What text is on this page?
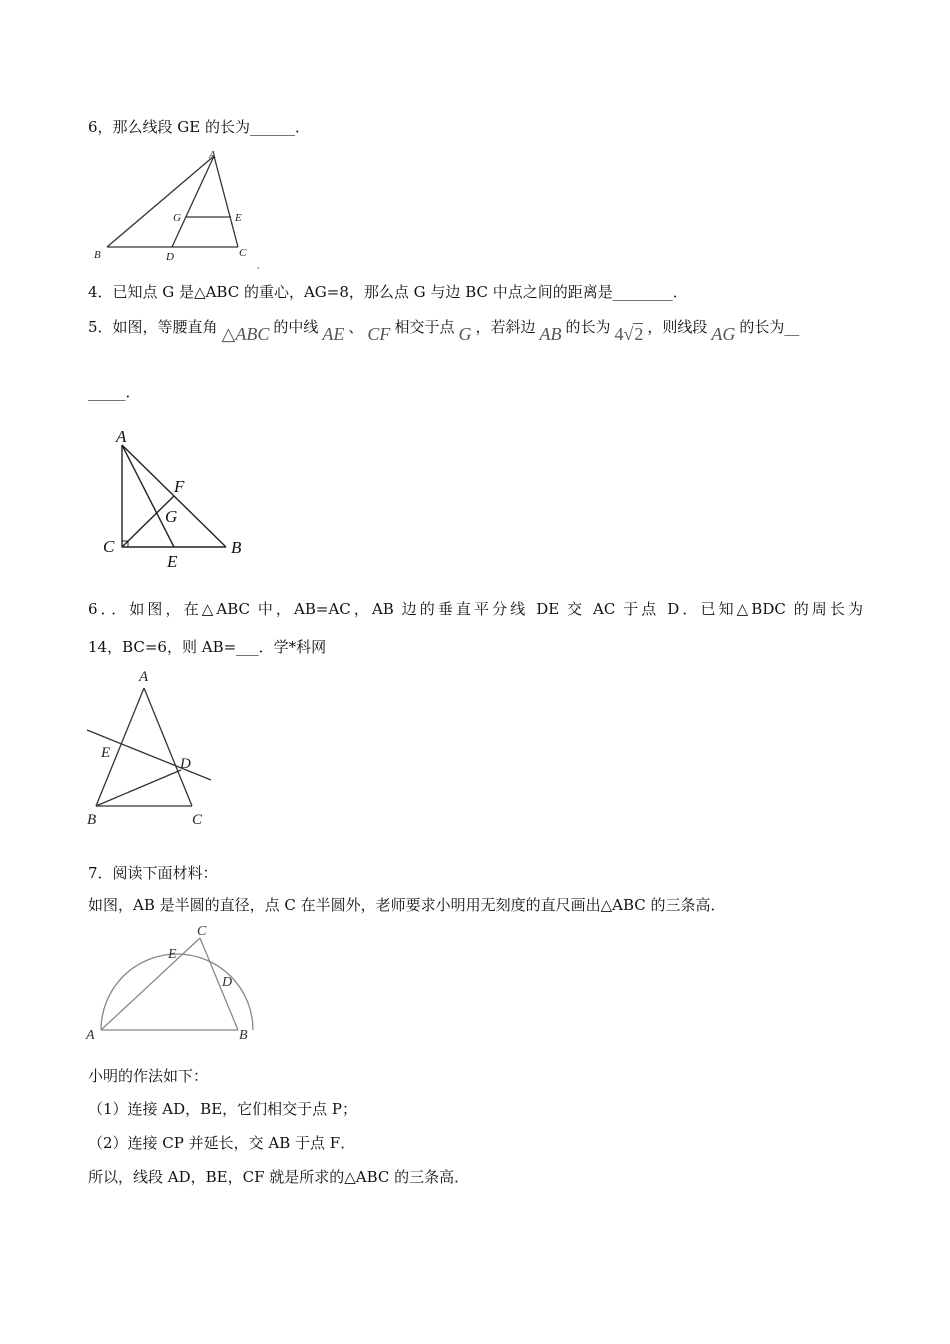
6，那么线段 GE 的长为______．
A
B	C
D
G	E
4．已知点 G 是△ABC 的重心，AG=8，那么点 G 与边 BC 中点之间的距离是________．
5．如图，等腰直角 △ABC 的中线 AE 、 CF 相交于点 G ，若斜边 AB 的长为 4√2 ，则线段 AG 的长为__
_____．
A
C	B
E
F
G
6．．如图，在△ABC 中，AB=AC，AB 边的垂直平分线 DE 交 AC 于点 D．已知△BDC 的周长为
14，BC=6，则 AB=___．学*科网
A
E
D
B	C
7．阅读下面材料：
如图，AB 是半圆的直径，点 C 在半圆外，老师要求小明用无刻度的直尺画出△ABC 的三条高．
C
E
D
A	B
小明的作法如下：
（1）连接 AD，BE，它们相交于点 P；
（2）连接 CP 并延长，交 AB 于点 F．
所以，线段 AD，BE，CF 就是所求的△ABC 的三条高．
